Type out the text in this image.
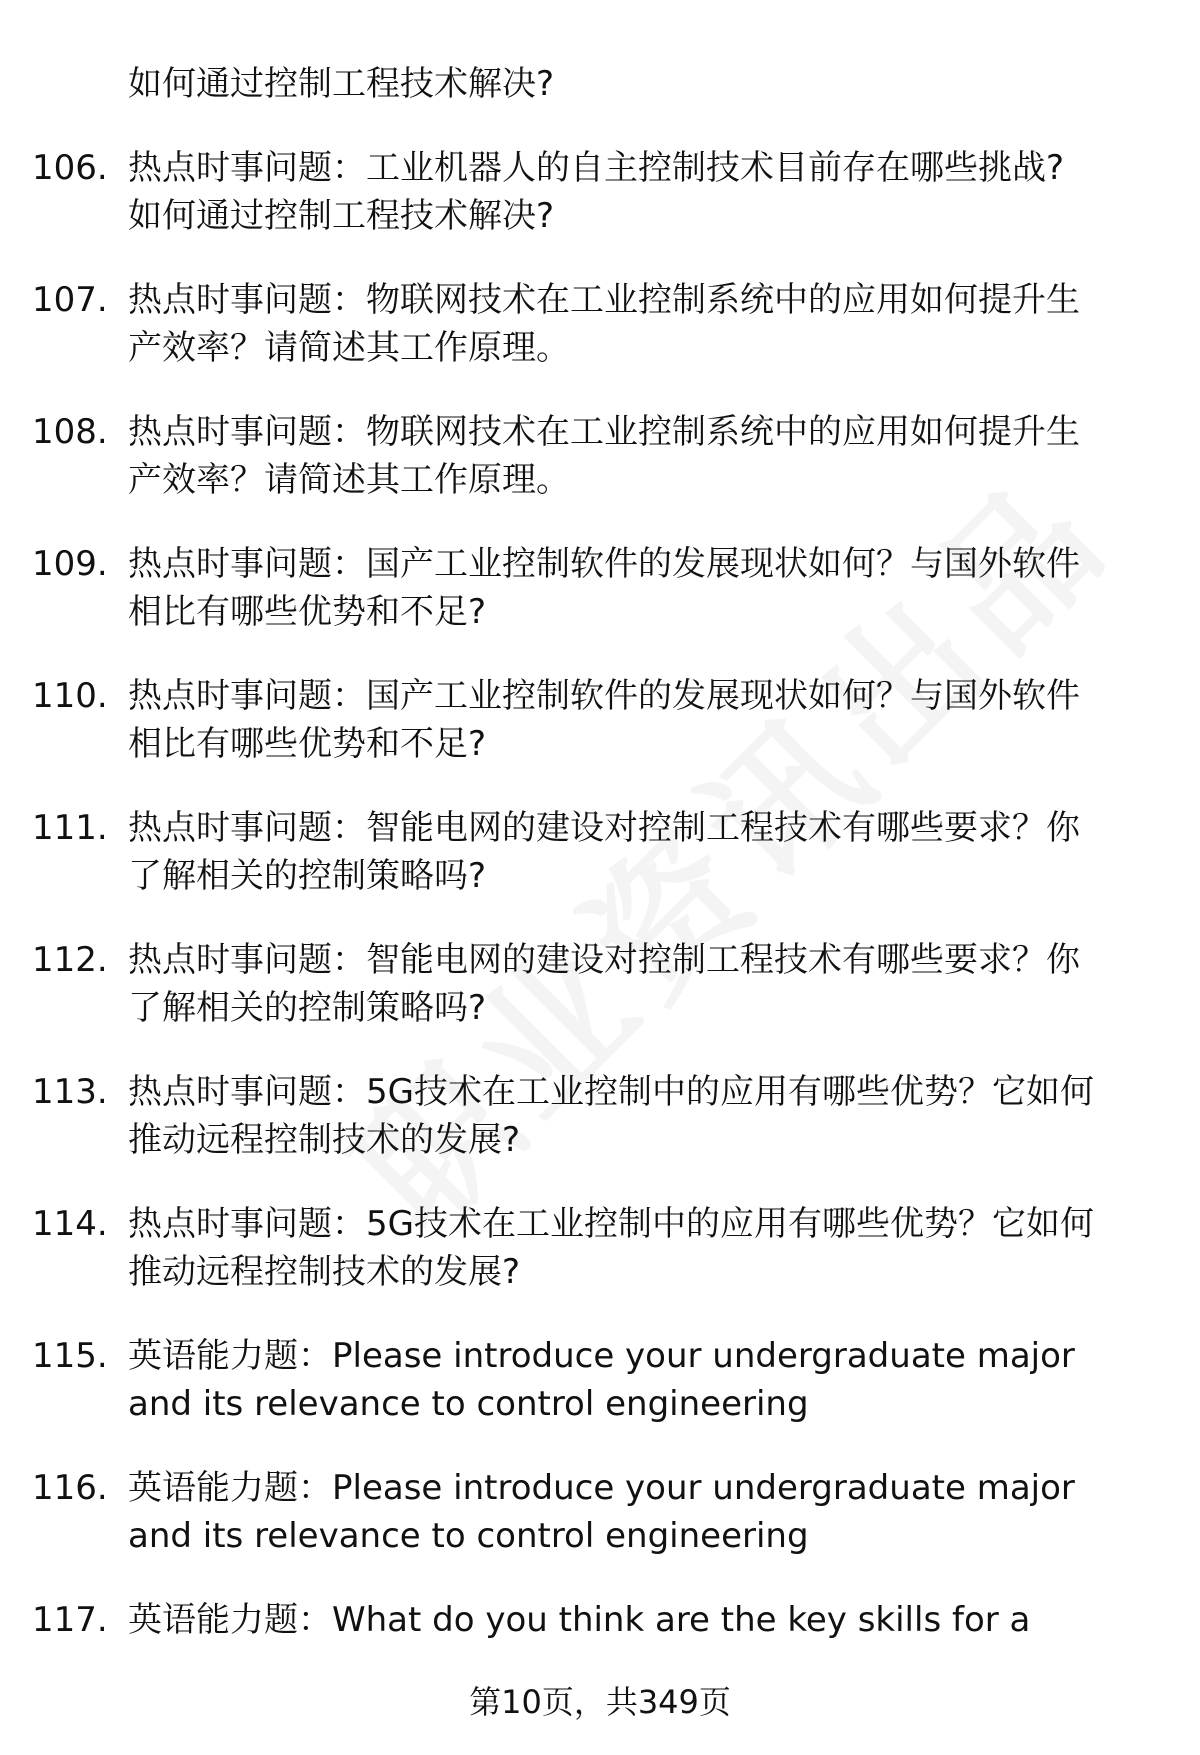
如何通过控制工程技术解决?
106. 热点时事问题：工业机器人的自主控制技术目前存在哪些挑战?
如何通过控制工程技术解决?
107. 热点时事问题：物联网技术在工业控制系统中的应用如何提升生
产效率？请简述其工作原理。
108. 热点时事问题：物联网技术在工业控制系统中的应用如何提升生
产效率？请简述其工作原理。
109. 热点时事问题：国产工业控制软件的发展现状如何？与国外软件
相比有哪些优势和不足?
110. 热点时事问题：国产工业控制软件的发展现状如何？与国外软件
相比有哪些优势和不足?
111. 热点时事问题：智能电网的建设对控制工程技术有哪些要求？你
了解相关的控制策略吗?
112. 热点时事问题：智能电网的建设对控制工程技术有哪些要求？你
了解相关的控制策略吗?
113. 热点时事问题：5G技术在工业控制中的应用有哪些优势？它如何
推动远程控制技术的发展?
114. 热点时事问题：5G技术在工业控制中的应用有哪些优势？它如何
推动远程控制技术的发展?
115. 英语能力题：Please introduce your undergraduate major
and its relevance to control engineering
116. 英语能力题：Please introduce your undergraduate major
and its relevance to control engineering
117. 英语能力题：What do you think are the key skills for a
第10页，共349页
